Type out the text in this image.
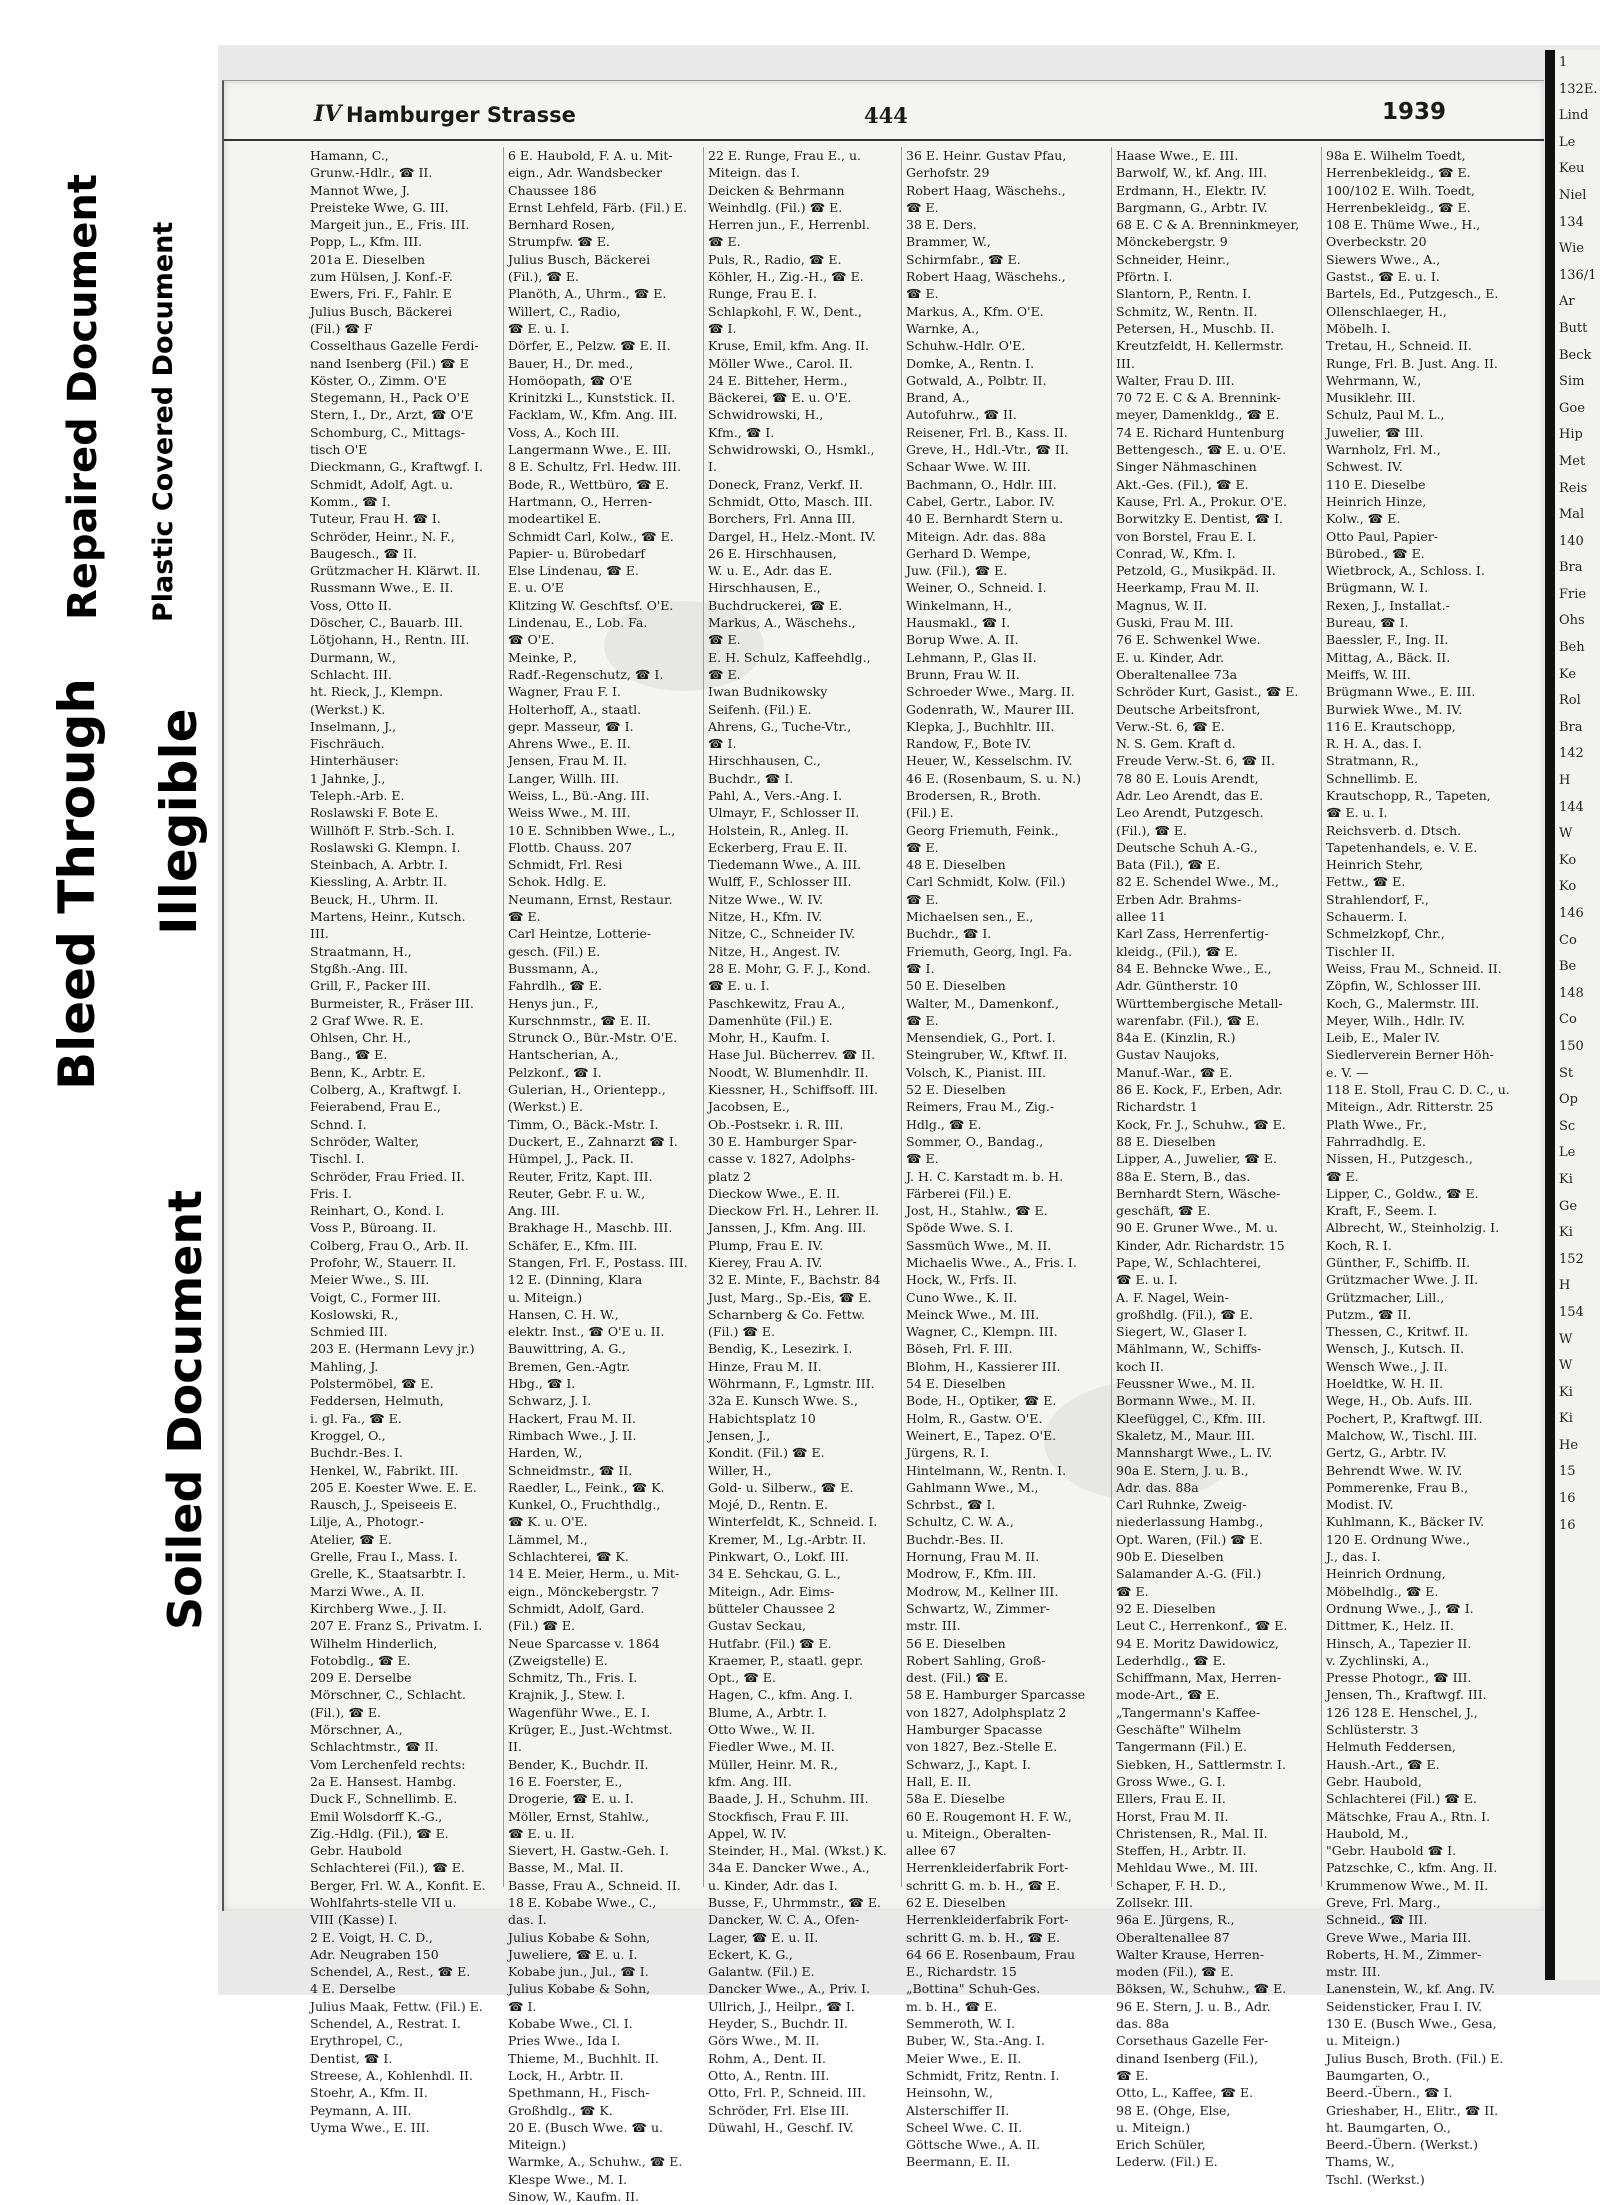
Bleed Through
Repaired Document Plastic Covered Document
Illegible
Soiled Document
IV Hamburger Strasse	444	1939
Hamann, C.,
Grunw.-Hdlr., ☎ II.
Mannot Wwe, J.
Preisteke Wwe, G. III.
Margeit jun., E., Fris. III.
Popp, L., Kfm. III.
201a E. Dieselben
zum Hülsen, J. Konf.-F.
Ewers, Fri. F., Fahlr. E
Julius Busch, Bäckerei
(Fil.) ☎ F
Cosselthaus Gazelle Ferdi-
nand Isenberg (Fil.) ☎ E
Köster, O., Zimm. O'E
Stegemann, H., Pack O'E
Stern, I., Dr., Arzt, ☎ O'E
Schomburg, C., Mittags-
tisch O'E
Dieckmann, G., Kraftwgf. I.
Schmidt, Adolf, Agt. u.
Komm., ☎ I.
Tuteur, Frau H. ☎ I.
Schröder, Heinr., N. F.,
Baugesch., ☎ II.
Grützmacher H. Klärwt. II.
Russmann Wwe., E. II.
Voss, Otto II.
Döscher, C., Bauarb. III.
Lötjohann, H., Rentn. III.
Durmann, W.,
Schlacht. III.
ht. Rieck, J., Klempn.
(Werkst.) K.
Inselmann, J.,
Fischräuch.
Hinterhäuser:
1 Jahnke, J.,
Teleph.-Arb. E.
Roslawski F. Bote E.
Willhöft F. Strb.-Sch. I.
Roslawski G. Klempn. I.
Steinbach, A. Arbtr. I.
Kiessling, A. Arbtr. II.
Beuck, H., Uhrm. II.
Martens, Heinr., Kutsch.
III.
Straatmann, H.,
Stgßh.-Ang. III.
Grill, F., Packer III.
Burmeister, R., Fräser III.
2 Graf Wwe. R. E.
Ohlsen, Chr. H.,
Bang., ☎ E.
Benn, K., Arbtr. E.
Colberg, A., Kraftwgf. I.
Feierabend, Frau E.,
Schnd. I.
Schröder, Walter,
Tischl. I.
Schröder, Frau Fried. II.
Fris. I.
Reinhart, O., Kond. I.
Voss P., Büroang. II.
Colberg, Frau O., Arb. II.
Profohr, W., Stauerr. II.
Meier Wwe., S. III.
Voigt, C., Former III.
Koslowski, R.,
Schmied III.
203 E. (Hermann Levy jr.)
Mahling, J.
Polstermöbel, ☎ E.
Feddersen, Helmuth,
i. gl. Fa., ☎ E.
Kroggel, O.,
Buchdr.-Bes. I.
Henkel, W., Fabrikt. III.
205 E. Koester Wwe. E. E.
Rausch, J., Speiseeis E.
Lilje, A., Photogr.-
Atelier, ☎ E.
Grelle, Frau I., Mass. I.
Grelle, K., Staatsarbtr. I.
Marzi Wwe., A. II.
Kirchberg Wwe., J. II.
207 E. Franz S., Privatm. I.
Wilhelm Hinderlich,
Fotobdlg., ☎ E.
209 E. Derselbe
Mörschner, C., Schlacht.
(Fil.), ☎ E.
Mörschner, A.,
Schlachtmstr., ☎ II.
Vom Lerchenfeld rechts:
2a E. Hansest. Hambg.
Duck F., Schnellimb. E.
Emil Wolsdorff K.-G.,
Zig.-Hdlg. (Fil.), ☎ E.
Gebr. Haubold
Schlachterei (Fil.), ☎ E.
Berger, Frl. W. A., Konfit. E.
Wohlfahrts-stelle VII u.
VIII (Kasse) I.
2 E. Voigt, H. C. D.,
Adr. Neugraben 150
Schendel, A., Rest., ☎ E.
4 E. Derselbe
Julius Maak, Fettw. (Fil.) E.
Schendel, A., Restrat. I.
Erythropel, C.,
Dentist, ☎ I.
Streese, A., Kohlenhdl. II.
Stoehr, A., Kfm. II.
Peymann, A. III.
Uyma Wwe., E. III.
6 E. Haubold, F. A. u. Mit-
eign., Adr. Wandsbecker
Chaussee 186
Ernst Lehfeld, Färb. (Fil.) E.
Bernhard Rosen,
Strumpfw. ☎ E.
Julius Busch, Bäckerei
(Fil.), ☎ E.
Planöth, A., Uhrm., ☎ E.
Willert, C., Radio,
☎ E. u. I.
Dörfer, E., Pelzw. ☎ E. II.
Bauer, H., Dr. med.,
Homöopath, ☎ O'E
Krinitzki L., Kunststick. II.
Facklam, W., Kfm. Ang. III.
Voss, A., Koch III.
Langermann Wwe., E. III.
8 E. Schultz, Frl. Hedw. III.
Bode, R., Wettbüro, ☎ E.
Hartmann, O., Herren-
modeartikel E.
Schmidt Carl, Kolw., ☎ E.
Papier- u. Bürobedarf
Else Lindenau, ☎ E.
E. u. O'E
Klitzing W. Geschftsf. O'E.
Lindenau, E., Lob. Fa.
☎ O'E.
Meinke, P.,
Radf.-Regenschutz, ☎ I.
Wagner, Frau F. I.
Holterhoff, A., staatl.
gepr. Masseur, ☎ I.
Ahrens Wwe., E. II.
Jensen, Frau M. II.
Langer, Willh. III.
Weiss, L., Bü.-Ang. III.
Weiss Wwe., M. III.
10 E. Schnibben Wwe., L.,
Flottb. Chauss. 207
Schmidt, Frl. Resi
Schok. Hdlg. E.
Neumann, Ernst, Restaur.
☎ E.
Carl Heintze, Lotterie-
gesch. (Fil.) E.
Bussmann, A.,
Fahrdlh., ☎ E.
Henys jun., F.,
Kurschnmstr., ☎ E. II.
Strunck O., Bür.-Mstr. O'E.
Hantscherian, A.,
Pelzkonf., ☎ I.
Gulerian, H., Orientepp.,
(Werkst.) E.
Timm, O., Bäck.-Mstr. I.
Duckert, E., Zahnarzt ☎ I.
Hümpel, J., Pack. II.
Reuter, Fritz, Kapt. III.
Reuter, Gebr. F. u. W.,
Ang. III.
Brakhage H., Maschb. III.
Schäfer, E., Kfm. III.
Stangen, Frl. F., Postass. III.
12 E. (Dinning, Klara
u. Miteign.)
Hansen, C. H. W.,
elektr. Inst., ☎ O'E u. II.
Bauwittring, A. G.,
Bremen, Gen.-Agtr.
Hbg., ☎ I.
Schwarz, J. I.
Hackert, Frau M. II.
Rimbach Wwe., J. II.
Harden, W.,
Schneidmstr., ☎ II.
Raedler, L., Feink., ☎ K.
Kunkel, O., Fruchthdlg.,
☎ K. u. O'E.
Lämmel, M.,
Schlachterei, ☎ K.
14 E. Meier, Herm., u. Mit-
eign., Mönckebergstr. 7
Schmidt, Adolf, Gard.
(Fil.) ☎ E.
Neue Sparcasse v. 1864
(Zweigstelle) E.
Schmitz, Th., Fris. I.
Krajnik, J., Stew. I.
Wagenführ Wwe., E. I.
Krüger, E., Just.-Wchtmst.
II.
Bender, K., Buchdr. II.
16 E. Foerster, E.,
Drogerie, ☎ E. u. I.
Möller, Ernst, Stahlw.,
☎ E. u. II.
Sievert, H. Gastw.-Geh. I.
Basse, M., Mal. II.
Basse, Frau A., Schneid. II.
18 E. Kobabe Wwe., C.,
das. I.
Julius Kobabe & Sohn,
Juweliere, ☎ E. u. I.
Kobabe jun., Jul., ☎ I.
Julius Kobabe & Sohn,
☎ I.
Kobabe Wwe., Cl. I.
Pries Wwe., Ida I.
Thieme, M., Buchhlt. II.
Lock, H., Arbtr. II.
Spethmann, H., Fisch-
Großhdlg., ☎ K.
20 E. (Busch Wwe. ☎ u.
Miteign.)
Warmke, A., Schuhw., ☎ E.
Klespe Wwe., M. I.
Sinow, W., Kaufm. II.
22 E. Runge, Frau E., u.
Miteign. das I.
Deicken & Behrmann
Weinhdlg. (Fil.) ☎ E.
Herren jun., F., Herrenbl.
☎ E.
Puls, R., Radio, ☎ E.
Köhler, H., Zig.-H., ☎ E.
Runge, Frau E. I.
Schlapkohl, F. W., Dent.,
☎ I.
Kruse, Emil, kfm. Ang. II.
Möller Wwe., Carol. II.
24 E. Bitteher, Herm.,
Bäckerei, ☎ E. u. O'E.
Schwidrowski, H.,
Kfm., ☎ I.
Schwidrowski, O., Hsmkl.,
I.
Doneck, Franz, Verkf. II.
Schmidt, Otto, Masch. III.
Borchers, Frl. Anna III.
Dargel, H., Helz.-Mont. IV.
26 E. Hirschhausen,
W. u. E., Adr. das E.
Hirschhausen, E.,
Buchdruckerei, ☎ E.
Markus, A., Wäschehs.,
☎ E.
E. H. Schulz, Kaffeehdlg.,
☎ E.
Iwan Budnikowsky
Seifenh. (Fil.) E.
Ahrens, G., Tuche-Vtr.,
☎ I.
Hirschhausen, C.,
Buchdr., ☎ I.
Pahl, A., Vers.-Ang. I.
Ulmayr, F., Schlosser II.
Holstein, R., Anleg. II.
Eckerberg, Frau E. II.
Tiedemann Wwe., A. III.
Wulff, F., Schlosser III.
Nitze Wwe., W. IV.
Nitze, H., Kfm. IV.
Nitze, C., Schneider IV.
Nitze, H., Angest. IV.
28 E. Mohr, G. F. J., Kond.
☎ E. u. I.
Paschkewitz, Frau A.,
Damenhüte (Fil.) E.
Mohr, H., Kaufm. I.
Hase Jul. Bücherrev. ☎ II.
Noodt, W. Blumenhdlr. II.
Kiessner, H., Schiffsoff. III.
Jacobsen, E.,
Ob.-Postsekr. i. R. III.
30 E. Hamburger Spar-
casse v. 1827, Adolphs-
platz 2
Dieckow Wwe., E. II.
Dieckow Frl. H., Lehrer. II.
Janssen, J., Kfm. Ang. III.
Plump, Frau E. IV.
Kierey, Frau A. IV.
32 E. Minte, F., Bachstr. 84
Just, Marg., Sp.-Eis, ☎ E.
Scharnberg & Co. Fettw.
(Fil.) ☎ E.
Bendig, K., Lesezirk. I.
Hinze, Frau M. II.
Wöhrmann, F., Lgmstr. III.
32a E. Kunsch Wwe. S.,
Habichtsplatz 10
Jensen, J.,
Kondit. (Fil.) ☎ E.
Willer, H.,
Gold- u. Silberw., ☎ E.
Mojé, D., Rentn. E.
Winterfeldt, K., Schneid. I.
Kremer, M., Lg.-Arbtr. II.
Pinkwart, O., Lokf. III.
34 E. Sehckau, G. L.,
Miteign., Adr. Eims-
bütteler Chaussee 2
Gustav Seckau,
Hutfabr. (Fil.) ☎ E.
Kraemer, P., staatl. gepr.
Opt., ☎ E.
Hagen, C., kfm. Ang. I.
Blume, A., Arbtr. I.
Otto Wwe., W. II.
Fiedler Wwe., M. II.
Müller, Heinr. M. R.,
kfm. Ang. III.
Baade, J. H., Schuhm. III.
Stockfisch, Frau F. III.
Appel, W. IV.
Steinder, H., Mal. (Wkst.) K.
34a E. Dancker Wwe., A.,
u. Kinder, Adr. das I.
Busse, F., Uhrmmstr., ☎ E.
Dancker, W. C. A., Ofen-
Lager, ☎ E. u. II.
Eckert, K. G.,
Galantw. (Fil.) E.
Dancker Wwe., A., Priv. I.
Ullrich, J., Heilpr., ☎ I.
Heyder, S., Buchdr. II.
Görs Wwe., M. II.
Rohm, A., Dent. II.
Otto, A., Rentn. III.
Otto, Frl. P., Schneid. III.
Schröder, Frl. Else III.
Düwahl, H., Geschf. IV.
36 E. Heinr. Gustav Pfau,
Gerhofstr. 29
Robert Haag, Wäschehs.,
☎ E.
38 E. Ders.
Brammer, W.,
Schirmfabr., ☎ E.
Robert Haag, Wäschehs.,
☎ E.
Markus, A., Kfm. O'E.
Warnke, A.,
Schuhw.-Hdlr. O'E.
Domke, A., Rentn. I.
Gotwald, A., Polbtr. II.
Brand, A.,
Autofuhrw., ☎ II.
Reisener, Frl. B., Kass. II.
Greve, H., Hdl.-Vtr., ☎ II.
Schaar Wwe. W. III.
Bachmann, O., Hdlr. III.
Cabel, Gertr., Labor. IV.
40 E. Bernhardt Stern u.
Miteign. Adr. das. 88a
Gerhard D. Wempe,
Juw. (Fil.), ☎ E.
Weiner, O., Schneid. I.
Winkelmann, H.,
Hausmakl., ☎ I.
Borup Wwe. A. II.
Lehmann, P., Glas II.
Brunn, Frau W. II.
Schroeder Wwe., Marg. II.
Godenrath, W., Maurer III.
Klepka, J., Buchhltr. III.
Randow, F., Bote IV.
Heuer, W., Kesselschm. IV.
46 E. (Rosenbaum, S. u. N.)
Brodersen, R., Broth.
(Fil.) E.
Georg Friemuth, Feink.,
☎ E.
48 E. Dieselben
Carl Schmidt, Kolw. (Fil.)
☎ E.
Michaelsen sen., E.,
Buchdr., ☎ I.
Friemuth, Georg, Ingl. Fa.
☎ I.
50 E. Dieselben
Walter, M., Damenkonf.,
☎ E.
Mensendiek, G., Port. I.
Steingruber, W., Kftwf. II.
Volsch, K., Pianist. III.
52 E. Dieselben
Reimers, Frau M., Zig.-
Hdlg., ☎ E.
Sommer, O., Bandag.,
☎ E.
J. H. C. Karstadt m. b. H.
Färberei (Fil.) E.
Jost, H., Stahlw., ☎ E.
Spöde Wwe. S. I.
Sassmüch Wwe., M. II.
Michaelis Wwe., A., Fris. I.
Hock, W., Frfs. II.
Cuno Wwe., K. II.
Meinck Wwe., M. III.
Wagner, C., Klempn. III.
Böseh, Frl. F. III.
Blohm, H., Kassierer III.
54 E. Dieselben
Bode, H., Optiker, ☎ E.
Holm, R., Gastw. O'E.
Weinert, E., Tapez. O'E.
Jürgens, R. I.
Hintelmann, W., Rentn. I.
Gahlmann Wwe., M.,
Schrbst., ☎ I.
Schultz, C. W. A.,
Buchdr.-Bes. II.
Hornung, Frau M. II.
Modrow, F., Kfm. III.
Modrow, M., Kellner III.
Schwartz, W., Zimmer-
mstr. III.
56 E. Dieselben
Robert Sahling, Groß-
dest. (Fil.) ☎ E.
58 E. Hamburger Sparcasse
von 1827, Adolphsplatz 2
Hamburger Spacasse
von 1827, Bez.-Stelle E.
Schwarz, J., Kapt. I.
Hall, E. II.
58a E. Dieselbe
60 E. Rougemont H. F. W.,
u. Miteign., Oberalten-
allee 67
Herrenkleiderfabrik Fort-
schritt G. m. b. H., ☎ E.
62 E. Dieselben
Herrenkleiderfabrik Fort-
schritt G. m. b. H., ☎ E.
64 66 E. Rosenbaum, Frau
E., Richardstr. 15
„Bottina" Schuh-Ges.
m. b. H., ☎ E.
Semmeroth, W. I.
Buber, W., Sta.-Ang. I.
Meier Wwe., E. II.
Schmidt, Fritz, Rentn. I.
Heinsohn, W.,
Alsterschiffer II.
Scheel Wwe. C. II.
Göttsche Wwe., A. II.
Beermann, E. II.
Haase Wwe., E. III.
Barwolf, W., kf. Ang. III.
Erdmann, H., Elektr. IV.
Bargmann, G., Arbtr. IV.
68 E. C & A. Brenninkmeyer,
Mönckebergstr. 9
Schneider, Heinr.,
Pförtn. I.
Slantorn, P., Rentn. I.
Schmitz, W., Rentn. II.
Petersen, H., Muschb. II.
Kreutzfeldt, H. Kellermstr.
III.
Walter, Frau D. III.
70 72 E. C & A. Brennink-
meyer, Damenkldg., ☎ E.
74 E. Richard Huntenburg
Bettengesch., ☎ E. u. O'E.
Singer Nähmaschinen
Akt.-Ges. (Fil.), ☎ E.
Kause, Frl. A., Prokur. O'E.
Borwitzky E. Dentist, ☎ I.
von Borstel, Frau E. I.
Conrad, W., Kfm. I.
Petzold, G., Musikpäd. II.
Heerkamp, Frau M. II.
Magnus, W. II.
Guski, Frau M. III.
76 E. Schwenkel Wwe.
E. u. Kinder, Adr.
Oberaltenallee 73a
Schröder Kurt, Gasist., ☎ E.
Deutsche Arbeitsfront,
Verw.-St. 6, ☎ E.
N. S. Gem. Kraft d.
Freude Verw.-St. 6, ☎ II.
78 80 E. Louis Arendt,
Adr. Leo Arendt, das E.
Leo Arendt, Putzgesch.
(Fil.), ☎ E.
Deutsche Schuh A.-G.,
Bata (Fil.), ☎ E.
82 E. Schendel Wwe., M.,
Erben Adr. Brahms-
allee 11
Karl Zass, Herrenfertig-
kleidg., (Fil.), ☎ E.
84 E. Behncke Wwe., E.,
Adr. Güntherstr. 10
Württembergische Metall-
warenfabr. (Fil.), ☎ E.
84a E. (Kinzlin, R.)
Gustav Naujoks,
Manuf.-War., ☎ E.
86 E. Kock, F., Erben, Adr.
Richardstr. 1
Kock, Fr. J., Schuhw., ☎ E.
88 E. Dieselben
Lipper, A., Juwelier, ☎ E.
88a E. Stern, B., das.
Bernhardt Stern, Wäsche-
geschäft, ☎ E.
90 E. Gruner Wwe., M. u.
Kinder, Adr. Richardstr. 15
Pape, W., Schlachterei,
☎ E. u. I.
A. F. Nagel, Wein-
großhdlg. (Fil.), ☎ E.
Siegert, W., Glaser I.
Mählmann, W., Schiffs-
koch II.
Feussner Wwe., M. II.
Bormann Wwe., M. II.
Kleefüggel, C., Kfm. III.
Skaletz, M., Maur. III.
Mannshargt Wwe., L. IV.
90a E. Stern, J. u. B.,
Adr. das. 88a
Carl Ruhnke, Zweig-
niederlassung Hambg.,
Opt. Waren, (Fil.) ☎ E.
90b E. Dieselben
Salamander A.-G. (Fil.)
☎ E.
92 E. Dieselben
Leut C., Herrenkonf., ☎ E.
94 E. Moritz Dawidowicz,
Lederhdlg., ☎ E.
Schiffmann, Max, Herren-
mode-Art., ☎ E.
„Tangermann's Kaffee-
Geschäfte" Wilhelm
Tangermann (Fil.) E.
Siebken, H., Sattlermstr. I.
Gross Wwe., G. I.
Ellers, Frau E. II.
Horst, Frau M. II.
Christensen, R., Mal. II.
Steffen, H., Arbtr. II.
Mehldau Wwe., M. III.
Schaper, F. H. D.,
Zollsekr. III.
96a E. Jürgens, R.,
Oberaltenallee 87
Walter Krause, Herren-
moden (Fil.), ☎ E.
Böksen, W., Schuhw., ☎ E.
96 E. Stern, J. u. B., Adr.
das. 88a
Corsethaus Gazelle Fer-
dinand Isenberg (Fil.),
☎ E.
Otto, L., Kaffee, ☎ E.
98 E. (Ohge, Else,
u. Miteign.)
Erich Schüler,
Lederw. (Fil.) E.
98a E. Wilhelm Toedt,
Herrenbekleidg., ☎ E.
100/102 E. Wilh. Toedt,
Herrenbekleidg., ☎ E.
108 E. Thüme Wwe., H.,
Overbeckstr. 20
Siewers Wwe., A.,
Gastst., ☎ E. u. I.
Bartels, Ed., Putzgesch., E.
Ollenschlaeger, H.,
Möbelh. I.
Tretau, H., Schneid. II.
Runge, Frl. B. Just. Ang. II.
Wehrmann, W.,
Musiklehr. III.
Schulz, Paul M. L.,
Juwelier, ☎ III.
Warnholz, Frl. M.,
Schwest. IV.
110 E. Dieselbe
Heinrich Hinze,
Kolw., ☎ E.
Otto Paul, Papier-
Bürobed., ☎ E.
Wietbrock, A., Schloss. I.
Brügmann, W. I.
Rexen, J., Installat.-
Bureau, ☎ I.
Baessler, F., Ing. II.
Mittag, A., Bäck. II.
Meiffs, W. III.
Brügmann Wwe., E. III.
Burwiek Wwe., M. IV.
116 E. Krautschopp,
R. H. A., das. I.
Stratmann, R.,
Schnellimb. E.
Krautschopp, R., Tapeten,
☎ E. u. I.
Reichsverb. d. Dtsch.
Tapetenhandels, e. V. E.
Heinrich Stehr,
Fettw., ☎ E.
Strahlendorf, F.,
Schauerm. I.
Schmelzkopf, Chr.,
Tischler II.
Weiss, Frau M., Schneid. II.
Zöpfin, W., Schlosser III.
Koch, G., Malermstr. III.
Meyer, Wilh., Hdlr. IV.
Leib, E., Maler IV.
Siedlerverein Berner Höh-
e. V. —
118 E. Stoll, Frau C. D. C., u.
Miteign., Adr. Ritterstr. 25
Plath Wwe., Fr.,
Fahrradhdlg. E.
Nissen, H., Putzgesch.,
☎ E.
Lipper, C., Goldw., ☎ E.
Kraft, F., Seem. I.
Albrecht, W., Steinholzig. I.
Koch, R. I.
Günther, F., Schiffb. II.
Grützmacher Wwe. J. II.
Grützmacher, Lill.,
Putzm., ☎ II.
Thessen, C., Kritwf. II.
Wensch, J., Kutsch. II.
Wensch Wwe., J. II.
Hoeldtke, W. H. II.
Wege, H., Ob. Aufs. III.
Pochert, P., Kraftwgf. III.
Malchow, W., Tischl. III.
Gertz, G., Arbtr. IV.
Behrendt Wwe. W. IV.
Pommerenke, Frau B.,
Modist. IV.
Kuhlmann, K., Bäcker IV.
120 E. Ordnung Wwe.,
J., das. I.
Heinrich Ordnung,
Möbelhdlg., ☎ E.
Ordnung Wwe., J., ☎ I.
Dittmer, K., Helz. II.
Hinsch, A., Tapezier II.
v. Zychlinski, A.,
Presse Photogr., ☎ III.
Jensen, Th., Kraftwgf. III.
126 128 E. Henschel, J.,
Schlüsterstr. 3
Helmuth Feddersen,
Haush.-Art., ☎ E.
Gebr. Haubold,
Schlachterei (Fil.) ☎ E.
Mätschke, Frau A., Rtn. I.
Haubold, M.,
"Gebr. Haubold ☎ I.
Patzschke, C., kfm. Ang. II.
Krummenow Wwe., M. II.
Greve, Frl. Marg.,
Schneid., ☎ III.
Greve Wwe., Maria III.
Roberts, H. M., Zimmer-
mstr. III.
Lanenstein, W., kf. Ang. IV.
Seidensticker, Frau I. IV.
130 E. (Busch Wwe., Gesa,
u. Miteign.)
Julius Busch, Broth. (Fil.) E.
Baumgarten, O.,
Beerd.-Übern., ☎ I.
Grieshaber, H., Elitr., ☎ II.
ht. Baumgarten, O.,
Beerd.-Übern. (Werkst.)
Thams, W.,
Tschl. (Werkst.)
1
132E.
Lind
Le
Keu
Niel
134
Wie
136/1
Ar
Butt
Beck
Sim
Goe
Hip
Met
Reis
Mal
140
Bra
Frie
Ohs
Beh
Ke
Rol
Bra
142
H
144
W
Ko
Ko
146
Co
Be
148
Co
150
St
Op
Sc
Le
Ki
Ge
Ki
152
H
154
W
W
Ki
Ki
He
15
16
16
